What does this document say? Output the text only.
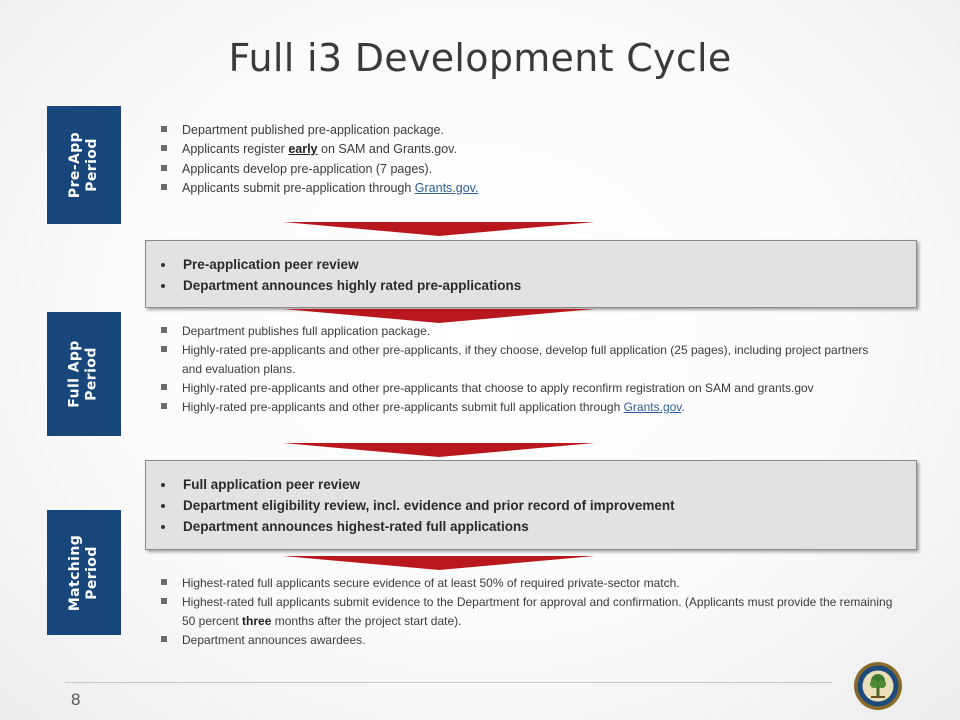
Full i3 Development Cycle
Pre-App
Period
Full App
Period
Matching
Period
Department published pre-application package.
Applicants register early on SAM and Grants.gov.
Applicants develop pre-application (7 pages).
Applicants submit pre-application through Grants.gov.
Pre-application peer review
Department announces highly rated pre-applications
Department publishes full application package.
Highly-rated pre-applicants and other pre-applicants, if they choose, develop full application (25 pages), including project partners and evaluation plans.
Highly-rated pre-applicants and other pre-applicants that choose to apply reconfirm registration on SAM and grants.gov
Highly-rated pre-applicants and other pre-applicants submit full application through Grants.gov.
Full application peer review
Department eligibility review, incl. evidence and prior record of improvement
Department announces highest-rated full applications
Highest-rated full applicants secure evidence of at least 50% of required private-sector match.
Highest-rated full applicants submit evidence to the Department for approval and confirmation. (Applicants must provide the remaining 50 percent three months after the project start date).
Department announces awardees.
8
